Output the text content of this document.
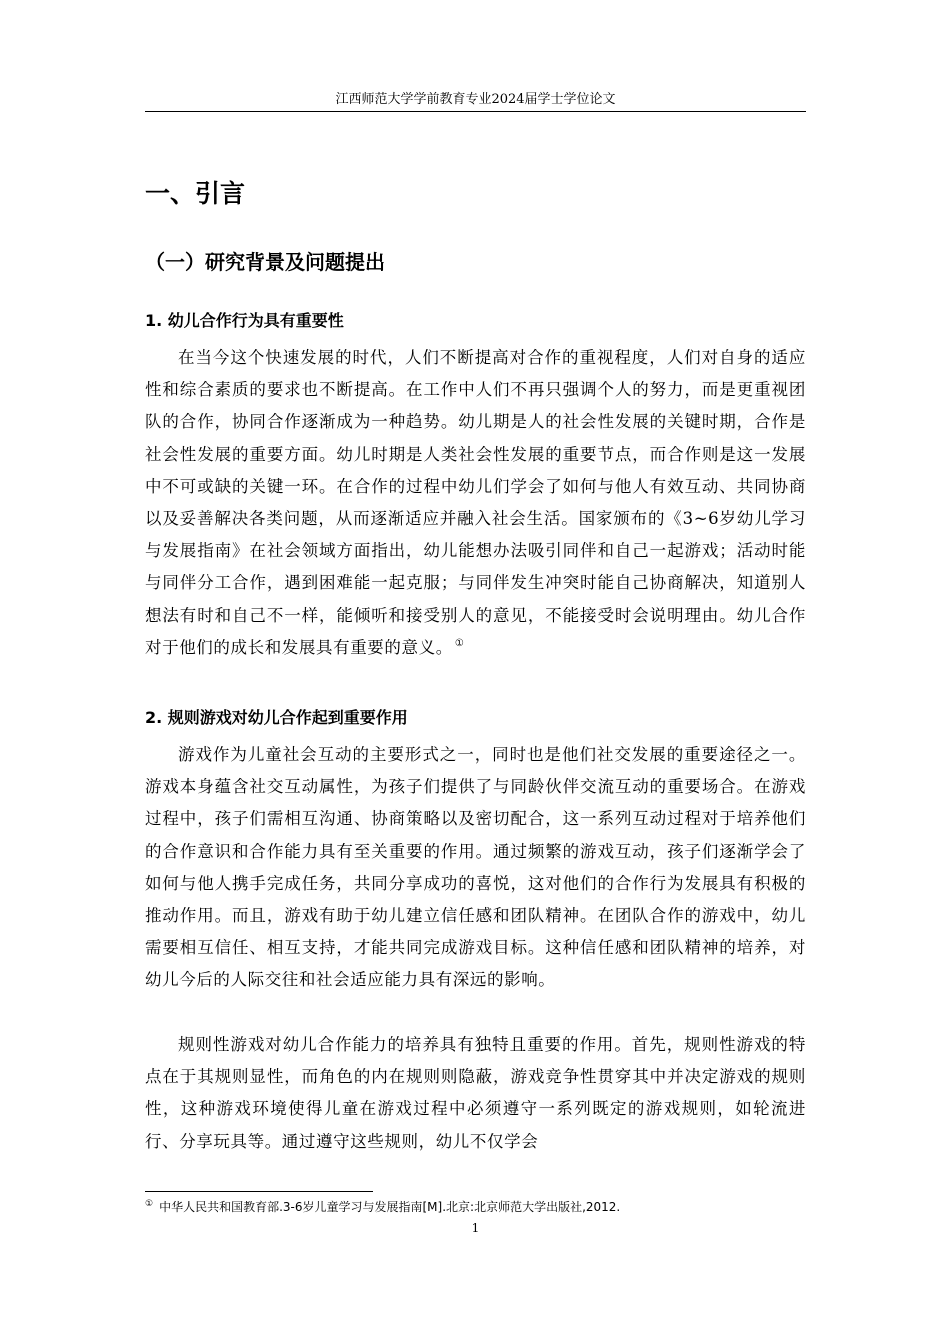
江西师范大学学前教育专业2024届学士学位论文
一、引言
（一）研究背景及问题提出
1. 幼儿合作行为具有重要性

在当今这个快速发展的时代，人们不断提高对合作的重视程度，人们对自身的适应性和综合素质的要求也不断提高。在工作中人们不再只强调个人的努力，而是更重视团队的合作，协同合作逐渐成为一种趋势。幼儿期是人的社会性发展的关键时期，合作是社会性发展的重要方面。幼儿时期是人类社会性发展的重要节点，而合作则是这一发展中不可或缺的关键一环。在合作的过程中幼儿们学会了如何与他人有效互动、共同协商以及妥善解决各类问题，从而逐渐适应并融入社会生活。国家颁布的《3~6岁幼儿学习与发展指南》在社会领域方面指出，幼儿能想办法吸引同伴和自己一起游戏；活动时能与同伴分工合作，遇到困难能一起克服；与同伴发生冲突时能自己协商解决，知道别人想法有时和自己不一样，能倾听和接受别人的意见，不能接受时会说明理由。幼儿合作对于他们的成长和发展具有重要的意义。 ①

2. 规则游戏对幼儿合作起到重要作用

游戏作为儿童社会互动的主要形式之一，同时也是他们社交发展的重要途径之一。游戏本身蕴含社交互动属性，为孩子们提供了与同龄伙伴交流互动的重要场合。在游戏过程中，孩子们需相互沟通、协商策略以及密切配合，这一系列互动过程对于培养他们的合作意识和合作能力具有至关重要的作用。通过频繁的游戏互动，孩子们逐渐学会了如何与他人携手完成任务，共同分享成功的喜悦，这对他们的合作行为发展具有积极的推动作用。而且，游戏有助于幼儿建立信任感和团队精神。在团队合作的游戏中，幼儿需要相互信任、相互支持，才能共同完成游戏目标。这种信任感和团队精神的培养，对幼儿今后的人际交往和社会适应能力具有深远的影响。

规则性游戏对幼儿合作能力的培养具有独特且重要的作用。首先，规则性游戏的特点在于其规则显性，而角色的内在规则则隐蔽，游戏竞争性贯穿其中并决定游戏的规则性，这种游戏环境使得儿童在游戏过程中必须遵守一系列既定的游戏规则，如轮流进行、分享玩具等。通过遵守这些规则，幼儿不仅学会

① 中华人民共和国教育部.3-6岁儿童学习与发展指南[M].北京:北京师范大学出版社,2012.
1
